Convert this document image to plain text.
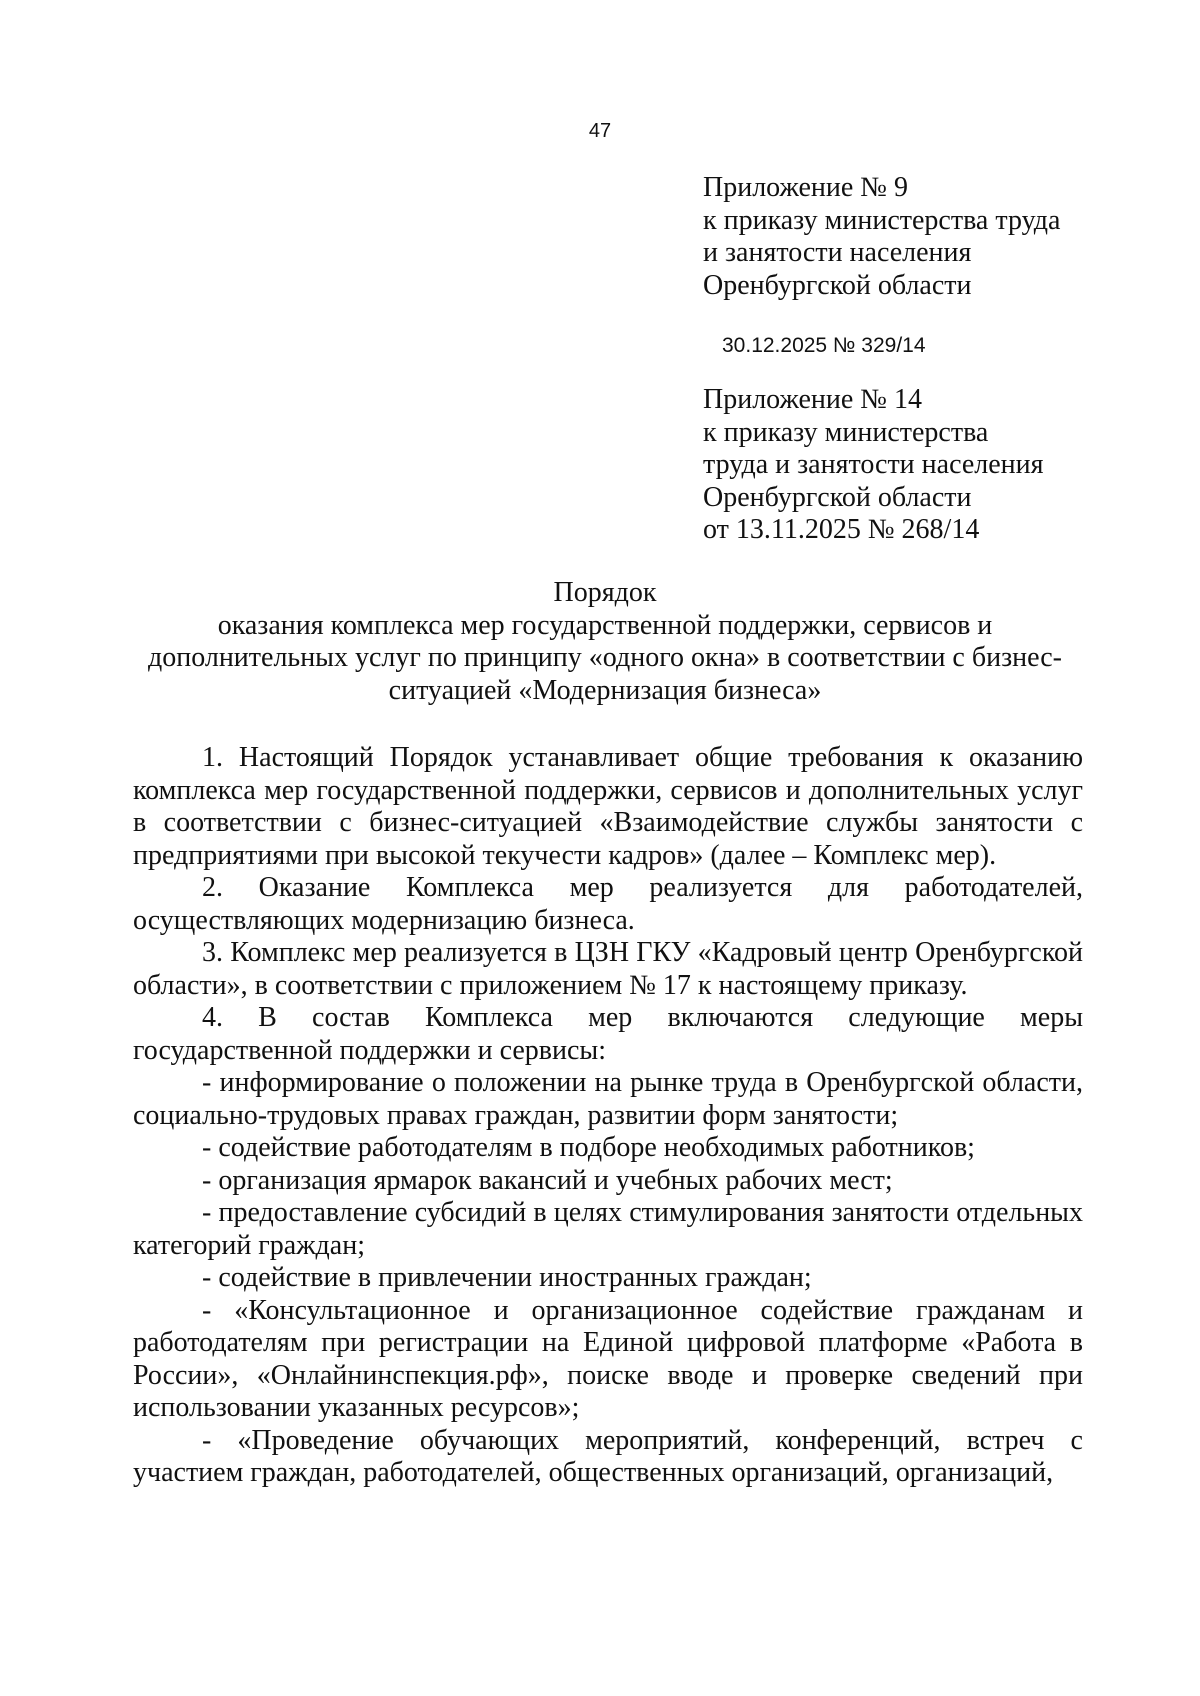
47
Приложение № 9
к приказу министерства труда
и занятости населения
Оренбургской области
30.12.2025 № 329/14
Приложение № 14
к приказу министерства
труда и занятости населения
Оренбургской области
от 13.11.2025 № 268/14
Порядок
оказания комплекса мер государственной поддержки, сервисов и
дополнительных услуг по принципу «одного окна» в соответствии с бизнес-
ситуацией «Модернизация бизнеса»

1. Настоящий Порядок устанавливает общие требования к оказанию комплекса мер государственной поддержки, сервисов и дополнительных услуг в соответствии с бизнес-ситуацией «Взаимодействие службы занятости с предприятиями при высокой текучести кадров» (далее – Комплекс мер).

2. Оказание Комплекса мер реализуется для работодателей, осуществляющих модернизацию бизнеса.

3. Комплекс мер реализуется в ЦЗН ГКУ «Кадровый центр Оренбургской области», в соответствии с приложением № 17 к настоящему приказу.

4. В состав Комплекса мер включаются следующие меры государственной поддержки и сервисы:

- информирование о положении на рынке труда в Оренбургской области, социально-трудовых правах граждан, развитии форм занятости;

- содействие работодателям в подборе необходимых работников;

- организация ярмарок вакансий и учебных рабочих мест;

- предоставление субсидий в целях стимулирования занятости отдельных категорий граждан;

- содействие в привлечении иностранных граждан;

- «Консультационное и организационное содействие гражданам и работодателям при регистрации на Единой цифровой платформе «Работа в России», «Онлайнинспекция.рф», поиске вводе и проверке сведений при использовании указанных ресурсов»;

- «Проведение обучающих мероприятий, конференций, встреч с участием граждан, работодателей, общественных организаций, организаций,
